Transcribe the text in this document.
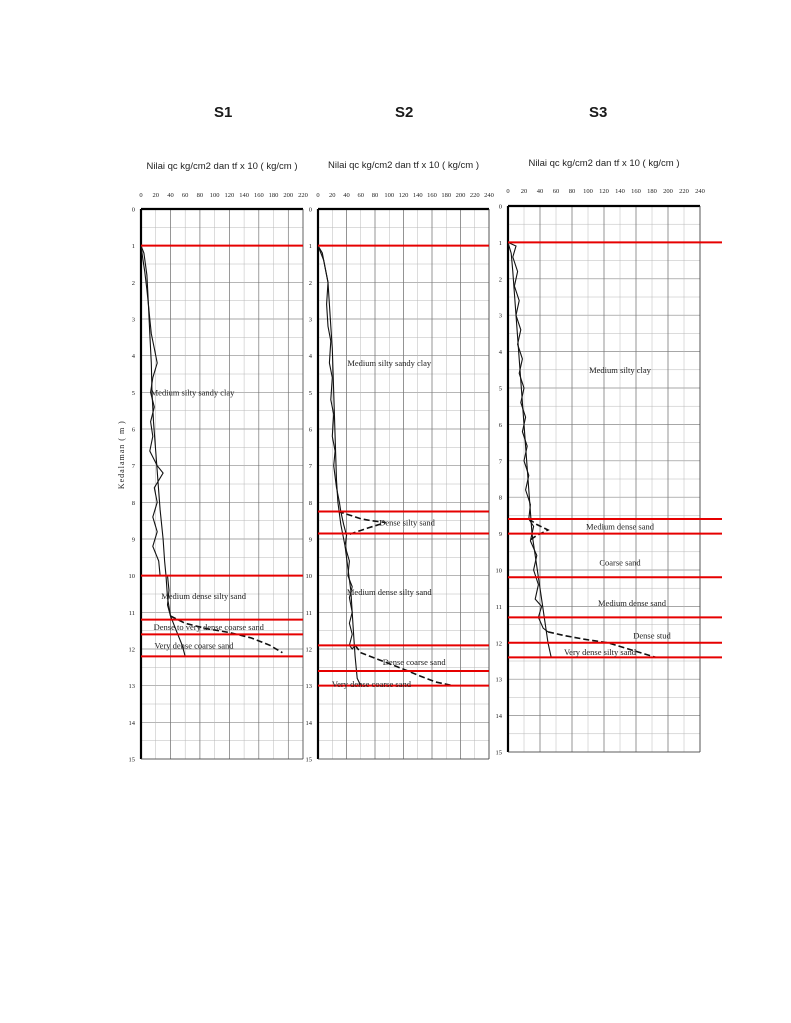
S1	S2	S3
0 20 40 60 80 100 120 140 160 180 200 220
0
1
2
3
4
5
6
7
8
9
10
11
12
13
14
15
Nilai qc kg/cm2 dan tf x 10 ( kg/cm )
Kedalaman ( m )
Medium silty sandy clay
Medium dense silty sand
Dense to very dense coarse sand
Very dense coarse sand
0 20 40 60 80 100 120 140 160 180 200 220 240
0
1
2
3
4
5
6
7
8
9
10
11
12
13
14
15
Nilai qc kg/cm2 dan tf x 10 ( kg/cm )
Medium silty sandy clay
Dense silty sand
Medium dense silty sand
Dense coarse sand
Very dense coarse sand
0 20 40 60 80 100 120 140 160 180 200 220 240
0
1
2
3
4
5
6
7
8
9
10
11
12
13
14
15
Nilai qc kg/cm2 dan tf x 10 ( kg/cm )
Medium silty clay
Medium dense sand
Coarse sand
Medium dense sand
Dense stud
Very dense silty sand
